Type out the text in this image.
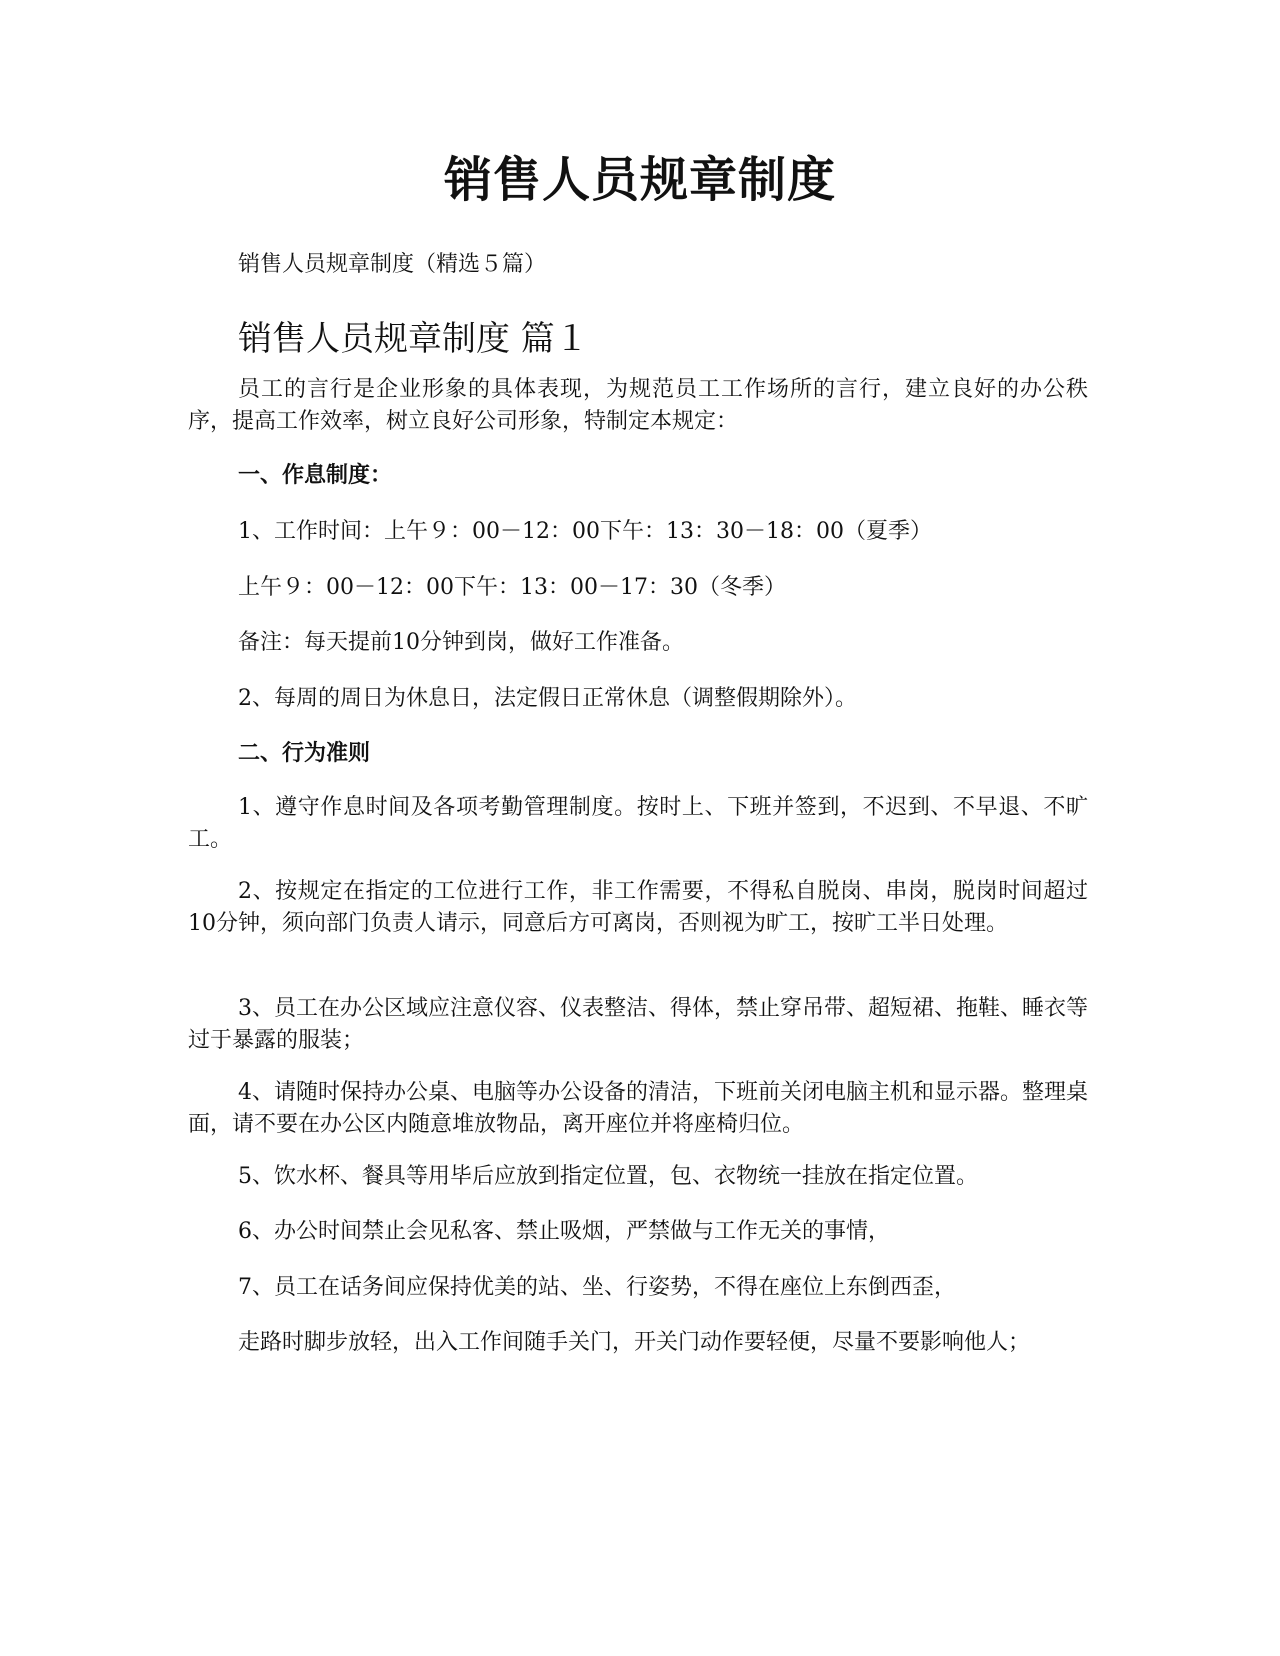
销售人员规章制度
销售人员规章制度（精选５篇）
销售人员规章制度 篇１
员工的言行是企业形象的具体表现，为规范员工工作场所的言行，建立良好的办公秩序，提高工作效率，树立良好公司形象，特制定本规定：
一、作息制度：
1、工作时间：上午９：00－12：00下午：13：30－18：00（夏季）
上午９：00－12：00下午：13：00－17：30（冬季）
备注：每天提前10分钟到岗，做好工作准备。
2、每周的周日为休息日，法定假日正常休息（调整假期除外）。
二、行为准则
1、遵守作息时间及各项考勤管理制度。按时上、下班并签到，不迟到、不早退、不旷工。
2、按规定在指定的工位进行工作，非工作需要，不得私自脱岗、串岗，脱岗时间超过10分钟，须向部门负责人请示，同意后方可离岗，否则视为旷工，按旷工半日处理。
3、员工在办公区域应注意仪容、仪表整洁、得体，禁止穿吊带、超短裙、拖鞋、睡衣等过于暴露的服装；
4、请随时保持办公桌、电脑等办公设备的清洁，下班前关闭电脑主机和显示器。整理桌面，请不要在办公区内随意堆放物品，离开座位并将座椅归位。
5、饮水杯、餐具等用毕后应放到指定位置，包、衣物统一挂放在指定位置。
6、办公时间禁止会见私客、禁止吸烟，严禁做与工作无关的事情，
7、员工在话务间应保持优美的站、坐、行姿势，不得在座位上东倒西歪，
走路时脚步放轻，出入工作间随手关门，开关门动作要轻便，尽量不要影响他人；
